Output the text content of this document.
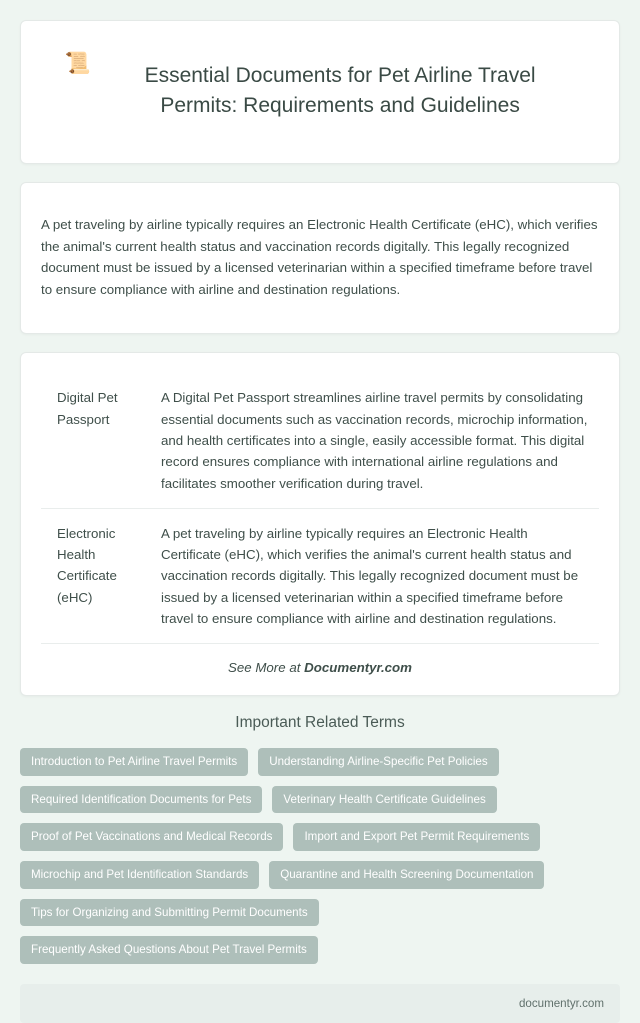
📜
Essential Documents for Pet Airline Travel Permits: Requirements and Guidelines

A pet traveling by airline typically requires an Electronic Health Certificate (eHC), which verifies the animal's current health status and vaccination records digitally. This legally recognized document must be issued by a licensed veterinarian within a specified timeframe before travel to ensure compliance with airline and destination regulations.

Digital Pet Passport	A Digital Pet Passport streamlines airline travel permits by consolidating essential documents such as vaccination records, microchip information, and health certificates into a single, easily accessible format. This digital record ensures compliance with international airline regulations and facilitates smoother verification during travel.
Electronic Health Certificate (eHC)	A pet traveling by airline typically requires an Electronic Health Certificate (eHC), which verifies the animal's current health status and vaccination records digitally. This legally recognized document must be issued by a licensed veterinarian within a specified timeframe before travel to ensure compliance with airline and destination regulations.
See More at Documentyr.com
Important Related Terms
Introduction to Pet Airline Travel Permits	Understanding Airline-Specific Pet Policies
Required Identification Documents for Pets	Veterinary Health Certificate Guidelines
Proof of Pet Vaccinations and Medical Records	Import and Export Pet Permit Requirements
Microchip and Pet Identification Standards	Quarantine and Health Screening Documentation
Tips for Organizing and Submitting Permit Documents
Frequently Asked Questions About Pet Travel Permits
documentyr.com
